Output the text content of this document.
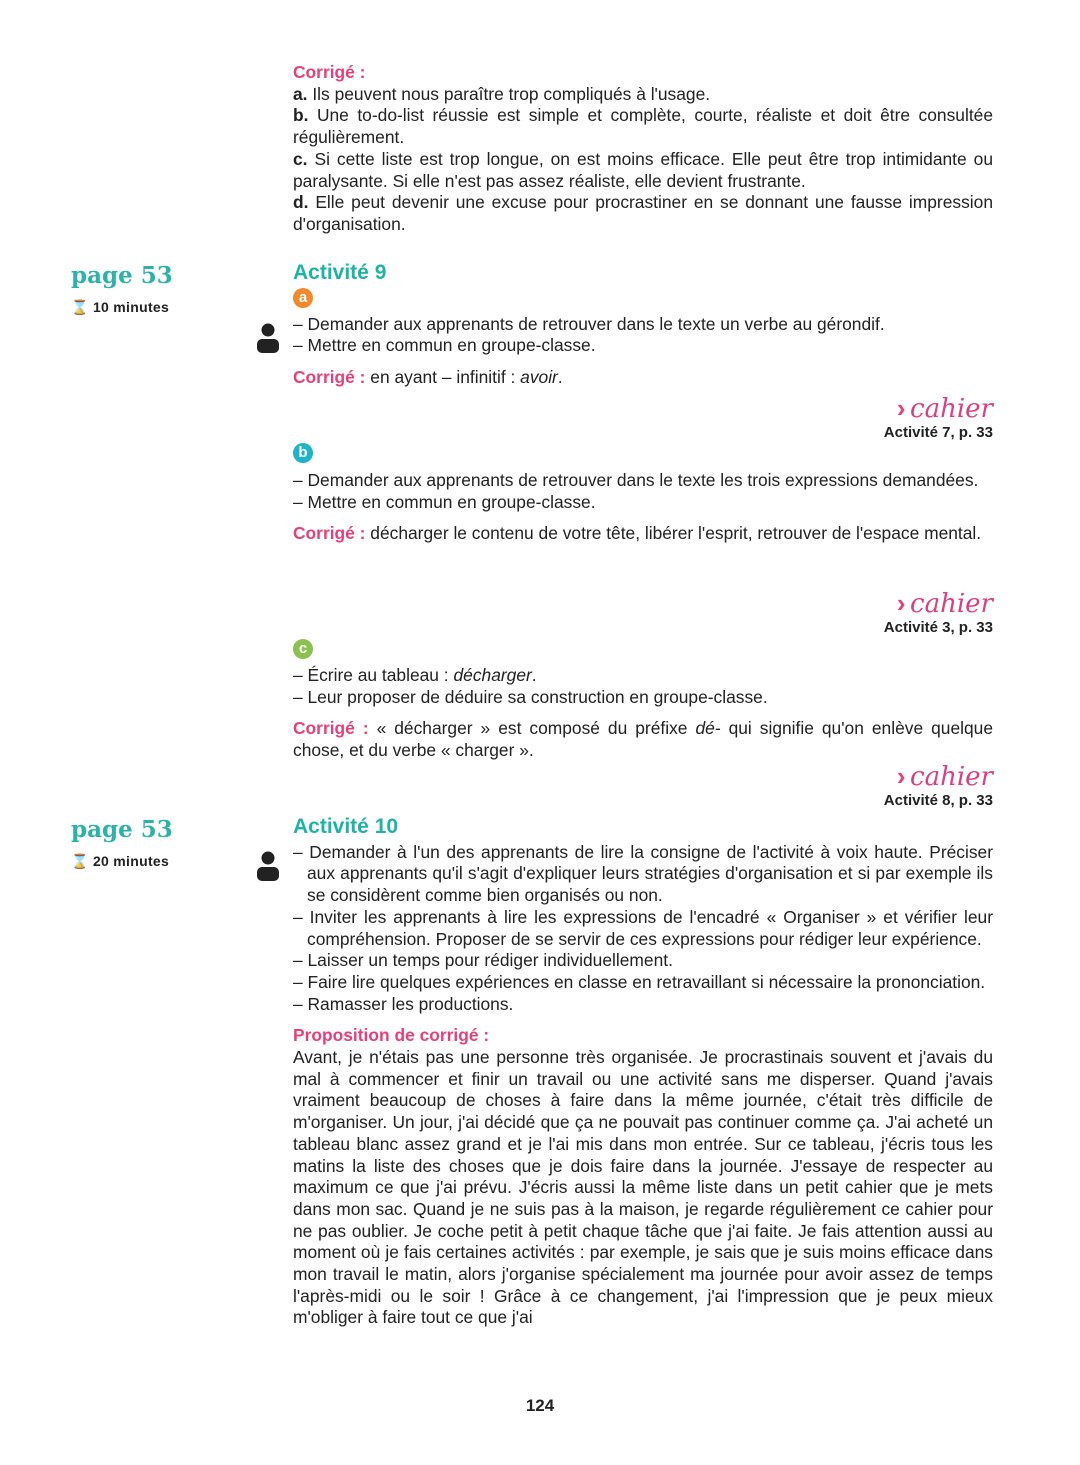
Corrigé :
a. Ils peuvent nous paraître trop compliqués à l'usage.
b. Une to-do-list réussie est simple et complète, courte, réaliste et doit être consultée régulièrement.
c. Si cette liste est trop longue, on est moins efficace. Elle peut être trop intimidante ou paralysante. Si elle n'est pas assez réaliste, elle devient frustrante.
d. Elle peut devenir une excuse pour procrastiner en se donnant une fausse impression d'organisation.
page 53
⌛ 10 minutes
Activité 9
a
– Demander aux apprenants de retrouver dans le texte un verbe au gérondif.
– Mettre en commun en groupe-classe.
Corrigé : en ayant – infinitif : avoir.
› cahier
Activité 7, p. 33
b
– Demander aux apprenants de retrouver dans le texte les trois expressions demandées.
– Mettre en commun en groupe-classe.
Corrigé : décharger le contenu de votre tête, libérer l'esprit, retrouver de l'espace mental.
› cahier
Activité 3, p. 33
c
– Écrire au tableau : décharger.
– Leur proposer de déduire sa construction en groupe-classe.
Corrigé : « décharger » est composé du préfixe dé- qui signifie qu'on enlève quelque chose, et du verbe « charger ».
› cahier
Activité 8, p. 33
page 53
⌛ 20 minutes
Activité 10
– Demander à l'un des apprenants de lire la consigne de l'activité à voix haute. Préciser aux apprenants qu'il s'agit d'expliquer leurs stratégies d'organisation et si par exemple ils se considèrent comme bien organisés ou non.
– Inviter les apprenants à lire les expressions de l'encadré « Organiser » et vérifier leur compréhension. Proposer de se servir de ces expressions pour rédiger leur expérience.
– Laisser un temps pour rédiger individuellement.
– Faire lire quelques expériences en classe en retravaillant si nécessaire la prononciation.
– Ramasser les productions.
Proposition de corrigé :
Avant, je n'étais pas une personne très organisée. Je procrastinais souvent et j'avais du mal à commencer et finir un travail ou une activité sans me disperser. Quand j'avais vraiment beaucoup de choses à faire dans la même journée, c'était très difficile de m'organiser. Un jour, j'ai décidé que ça ne pouvait pas continuer comme ça. J'ai acheté un tableau blanc assez grand et je l'ai mis dans mon entrée. Sur ce tableau, j'écris tous les matins la liste des choses que je dois faire dans la journée. J'essaye de respecter au maximum ce que j'ai prévu. J'écris aussi la même liste dans un petit cahier que je mets dans mon sac. Quand je ne suis pas à la maison, je regarde régulièrement ce cahier pour ne pas oublier. Je coche petit à petit chaque tâche que j'ai faite. Je fais attention aussi au moment où je fais certaines activités : par exemple, je sais que je suis moins efficace dans mon travail le matin, alors j'organise spécialement ma journée pour avoir assez de temps l'après-midi ou le soir ! Grâce à ce changement, j'ai l'impression que je peux mieux m'obliger à faire tout ce que j'ai
124
